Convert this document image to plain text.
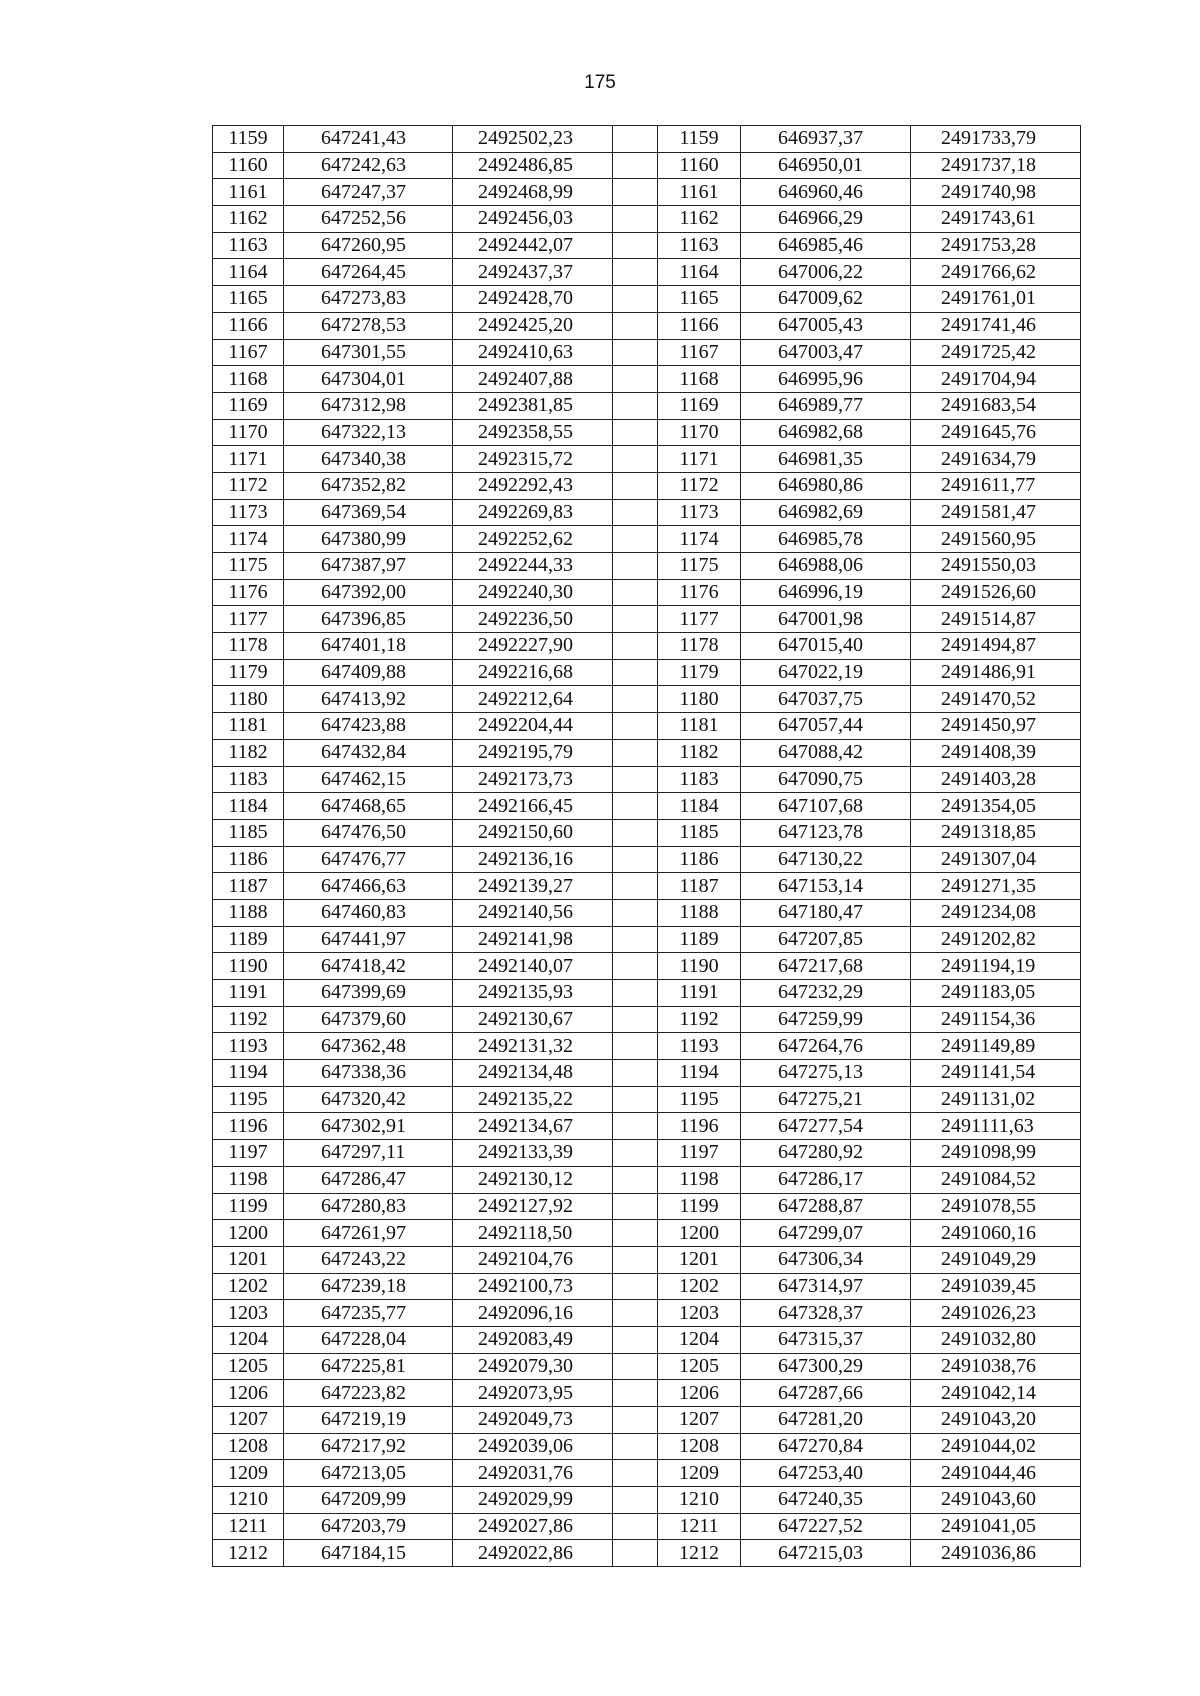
175
1159	647241,43	2492502,23		1159	646937,37	2491733,79
1160	647242,63	2492486,85		1160	646950,01	2491737,18
1161	647247,37	2492468,99		1161	646960,46	2491740,98
1162	647252,56	2492456,03		1162	646966,29	2491743,61
1163	647260,95	2492442,07		1163	646985,46	2491753,28
1164	647264,45	2492437,37		1164	647006,22	2491766,62
1165	647273,83	2492428,70		1165	647009,62	2491761,01
1166	647278,53	2492425,20		1166	647005,43	2491741,46
1167	647301,55	2492410,63		1167	647003,47	2491725,42
1168	647304,01	2492407,88		1168	646995,96	2491704,94
1169	647312,98	2492381,85		1169	646989,77	2491683,54
1170	647322,13	2492358,55		1170	646982,68	2491645,76
1171	647340,38	2492315,72		1171	646981,35	2491634,79
1172	647352,82	2492292,43		1172	646980,86	2491611,77
1173	647369,54	2492269,83		1173	646982,69	2491581,47
1174	647380,99	2492252,62		1174	646985,78	2491560,95
1175	647387,97	2492244,33		1175	646988,06	2491550,03
1176	647392,00	2492240,30		1176	646996,19	2491526,60
1177	647396,85	2492236,50		1177	647001,98	2491514,87
1178	647401,18	2492227,90		1178	647015,40	2491494,87
1179	647409,88	2492216,68		1179	647022,19	2491486,91
1180	647413,92	2492212,64		1180	647037,75	2491470,52
1181	647423,88	2492204,44		1181	647057,44	2491450,97
1182	647432,84	2492195,79		1182	647088,42	2491408,39
1183	647462,15	2492173,73		1183	647090,75	2491403,28
1184	647468,65	2492166,45		1184	647107,68	2491354,05
1185	647476,50	2492150,60		1185	647123,78	2491318,85
1186	647476,77	2492136,16		1186	647130,22	2491307,04
1187	647466,63	2492139,27		1187	647153,14	2491271,35
1188	647460,83	2492140,56		1188	647180,47	2491234,08
1189	647441,97	2492141,98		1189	647207,85	2491202,82
1190	647418,42	2492140,07		1190	647217,68	2491194,19
1191	647399,69	2492135,93		1191	647232,29	2491183,05
1192	647379,60	2492130,67		1192	647259,99	2491154,36
1193	647362,48	2492131,32		1193	647264,76	2491149,89
1194	647338,36	2492134,48		1194	647275,13	2491141,54
1195	647320,42	2492135,22		1195	647275,21	2491131,02
1196	647302,91	2492134,67		1196	647277,54	2491111,63
1197	647297,11	2492133,39		1197	647280,92	2491098,99
1198	647286,47	2492130,12		1198	647286,17	2491084,52
1199	647280,83	2492127,92		1199	647288,87	2491078,55
1200	647261,97	2492118,50		1200	647299,07	2491060,16
1201	647243,22	2492104,76		1201	647306,34	2491049,29
1202	647239,18	2492100,73		1202	647314,97	2491039,45
1203	647235,77	2492096,16		1203	647328,37	2491026,23
1204	647228,04	2492083,49		1204	647315,37	2491032,80
1205	647225,81	2492079,30		1205	647300,29	2491038,76
1206	647223,82	2492073,95		1206	647287,66	2491042,14
1207	647219,19	2492049,73		1207	647281,20	2491043,20
1208	647217,92	2492039,06		1208	647270,84	2491044,02
1209	647213,05	2492031,76		1209	647253,40	2491044,46
1210	647209,99	2492029,99		1210	647240,35	2491043,60
1211	647203,79	2492027,86		1211	647227,52	2491041,05
1212	647184,15	2492022,86		1212	647215,03	2491036,86
